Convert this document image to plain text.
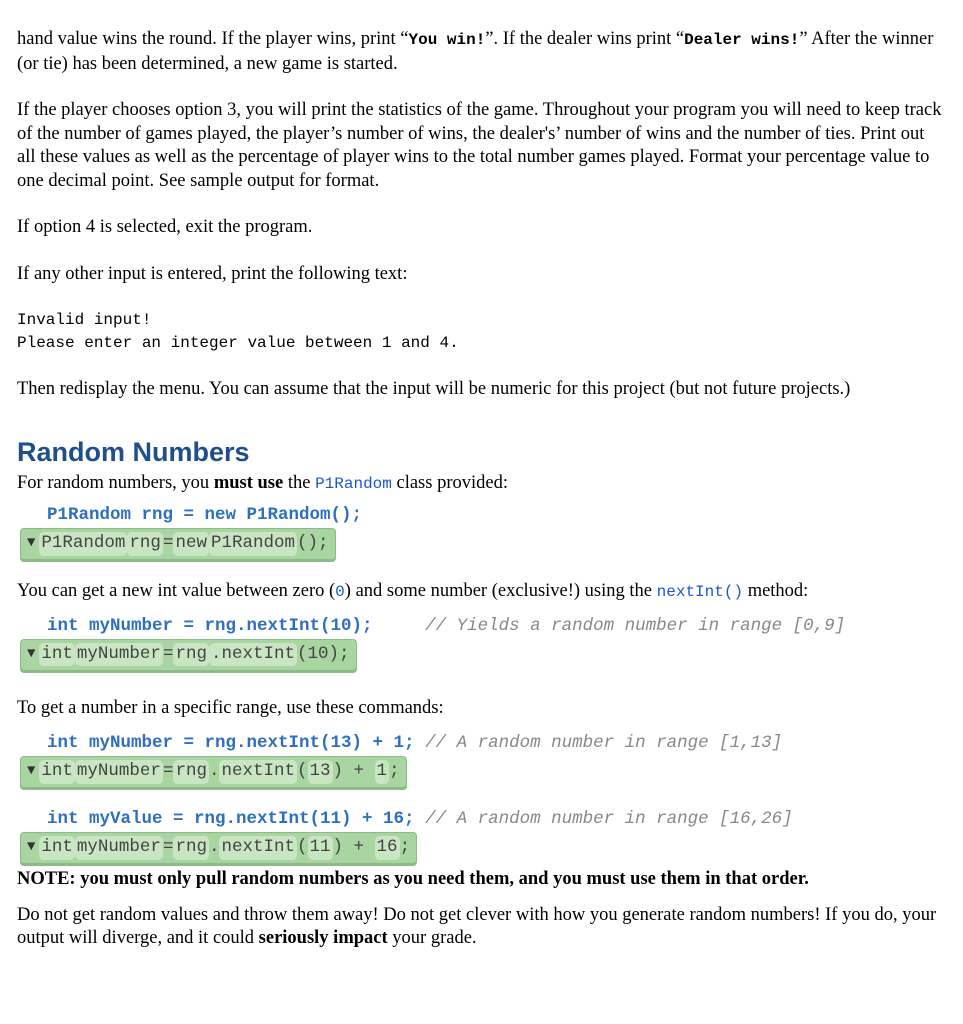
hand value wins the round. If the player wins, print “You win!”. If the dealer wins print “Dealer wins!” After the winner (or tie) has been determined, a new game is started.

If the player chooses option 3, you will print the statistics of the game. Throughout your program you will need to keep track of the number of games played, the player’s number of wins, the dealer's’ number of wins and the number of ties. Print out all these values as well as the percentage of player wins to the total number games played. Format your percentage value to one decimal point. See sample output for format.

If option 4 is selected, exit the program.

If any other input is entered, print the following text:

Invalid input!
Please enter an integer value between 1 and 4.

Then redisplay the menu. You can assume that the input will be numeric for this project (but not future projects.)

Random Numbers

For random numbers, you must use the P1Random class provided:

P1Random rng = new P1Random();
▼ P1Random rng = new P1Random ();

You can get a new int value between zero (0) and some number (exclusive!) using the nextInt() method:

int myNumber = rng.nextInt(10);	// Yields a random number in range [0,9]
▼ int myNumber = rng .nextInt (10);

To get a number in a specific range, use these commands:

int myNumber = rng.nextInt(13) + 1; // A random number in range [1,13]
▼ int myNumber = rng . nextInt ( 13 ) + 1 ;
int myValue = rng.nextInt(11) + 16; // A random number in range [16,26]
▼ int myNumber = rng . nextInt ( 11 ) + 16 ;

NOTE: you must only pull random numbers as you need them, and you must use them in that order.

Do not get random values and throw them away! Do not get clever with how you generate random numbers! If you do, your output will diverge, and it could seriously impact your grade.
